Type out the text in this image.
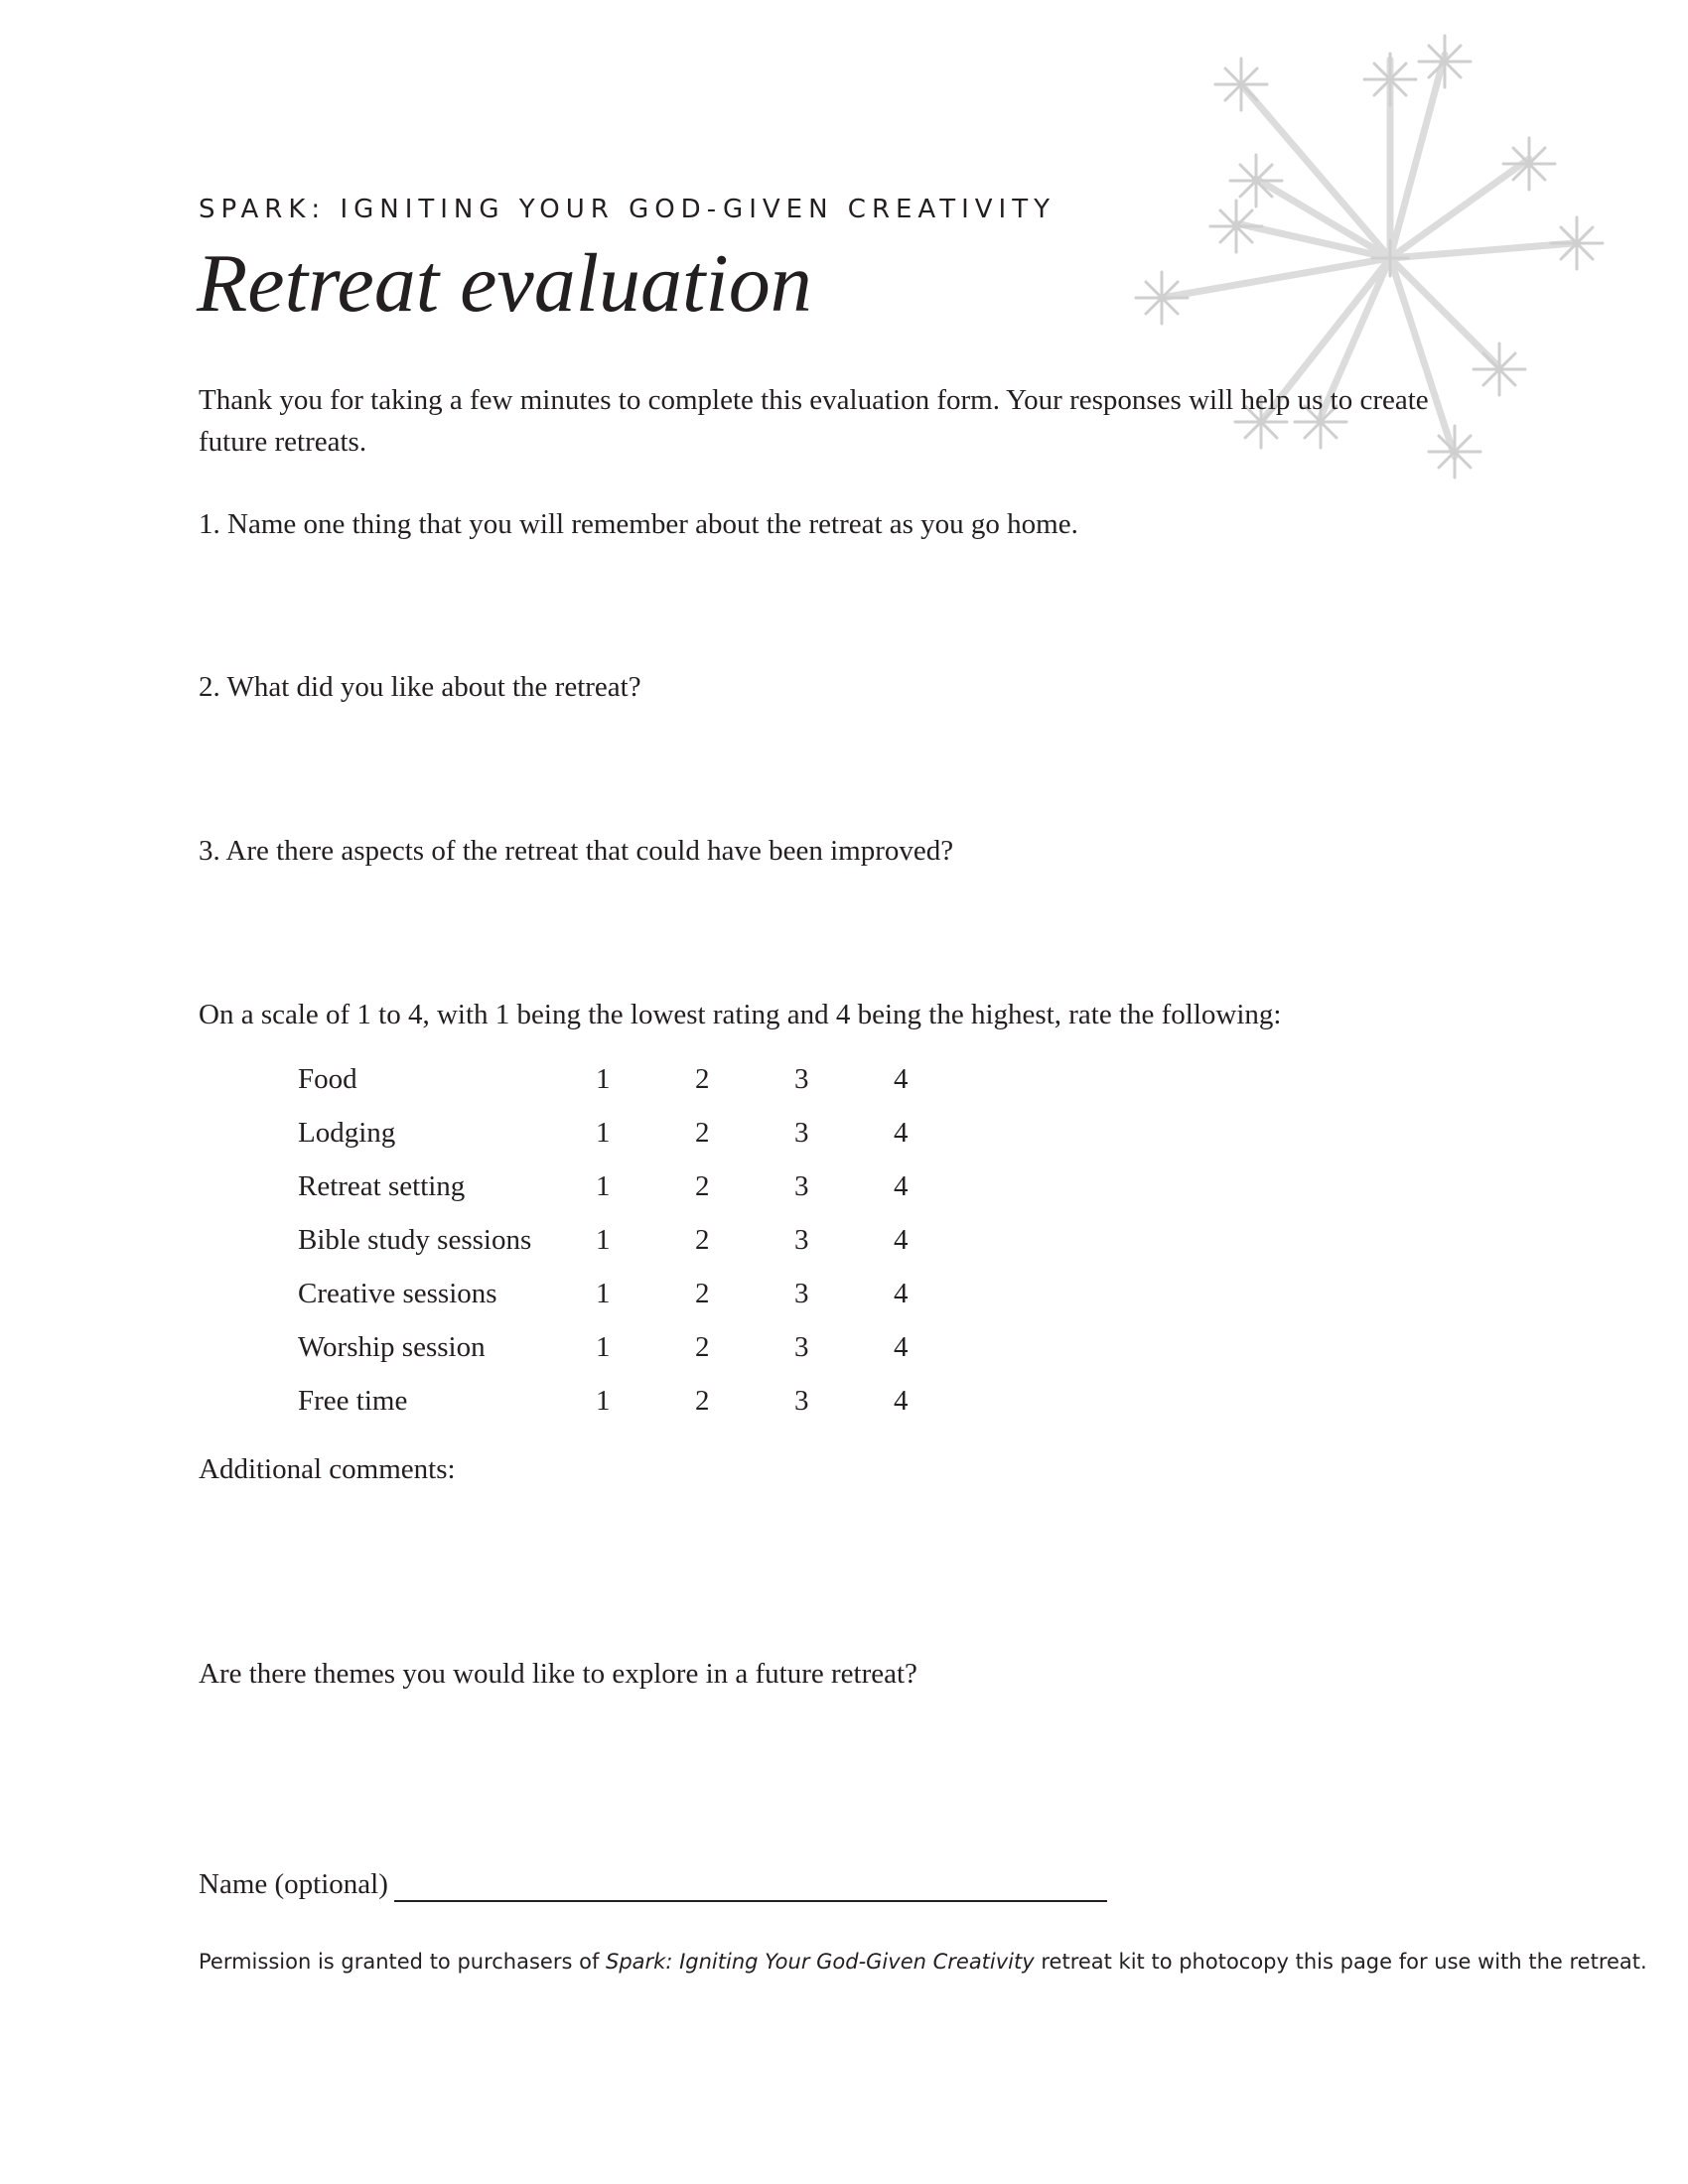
SPARK: IGNITING YOUR GOD-GIVEN CREATIVITY
Retreat evaluation
Thank you for taking a few minutes to complete this evaluation form. Your responses will help us to create future retreats.
1. Name one thing that you will remember about the retreat as you go home.
2. What did you like about the retreat?
3. Are there aspects of the retreat that could have been improved?
On a scale of 1 to 4, with 1 being the lowest rating and 4 being the highest, rate the following:
Food	1	2	3	4
Lodging	1	2	3	4
Retreat setting	1	2	3	4
Bible study sessions	1	2	3	4
Creative sessions	1	2	3	4
Worship session	1	2	3	4
Free time	1	2	3	4
Additional comments:
Are there themes you would like to explore in a future retreat?
Name (optional)
Permission is granted to purchasers of Spark: Igniting Your God-Given Creativity retreat kit to photocopy this page for use with the retreat.
